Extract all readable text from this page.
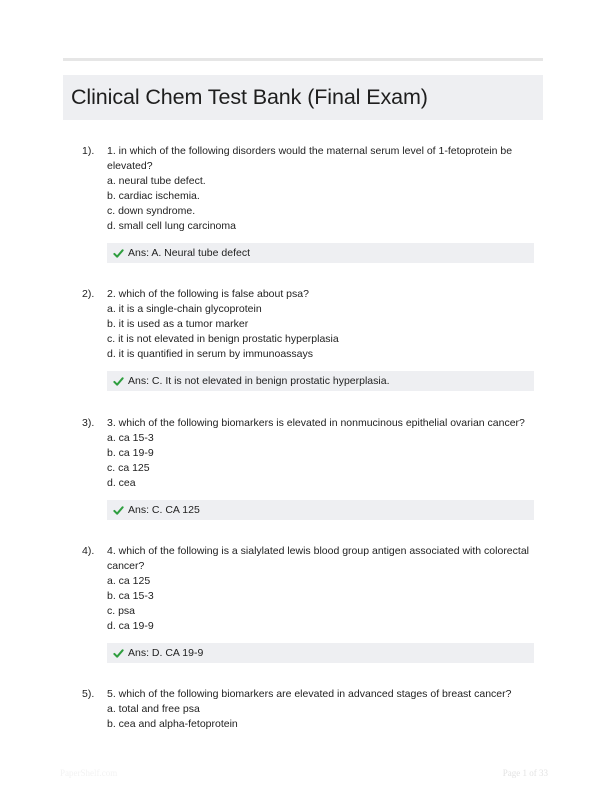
Clinical Chem Test Bank (Final Exam)
1). 1. in which of the following disorders would the maternal serum level of 1-fetoprotein be elevated?

a. neural tube defect.

b. cardiac ischemia.

c. down syndrome.

d. small cell lung carcinoma

Ans: A. Neural tube defect
2). 2. which of the following is false about psa?

a. it is a single-chain glycoprotein

b. it is used as a tumor marker

c. it is not elevated in benign prostatic hyperplasia

d. it is quantified in serum by immunoassays

Ans: C. It is not elevated in benign prostatic hyperplasia.
3). 3. which of the following biomarkers is elevated in nonmucinous epithelial ovarian cancer?

a. ca 15-3

b. ca 19-9

c. ca 125

d. cea

Ans: C. CA 125
4). 4. which of the following is a sialylated lewis blood group antigen associated with colorectal cancer?

a. ca 125

b. ca 15-3

c. psa

d. ca 19-9

Ans: D. CA 19-9
5). 5. which of the following biomarkers are elevated in advanced stages of breast cancer?

a. total and free psa

b. cea and alpha-fetoprotein

PaperShelf.com	Page 1 of 33
